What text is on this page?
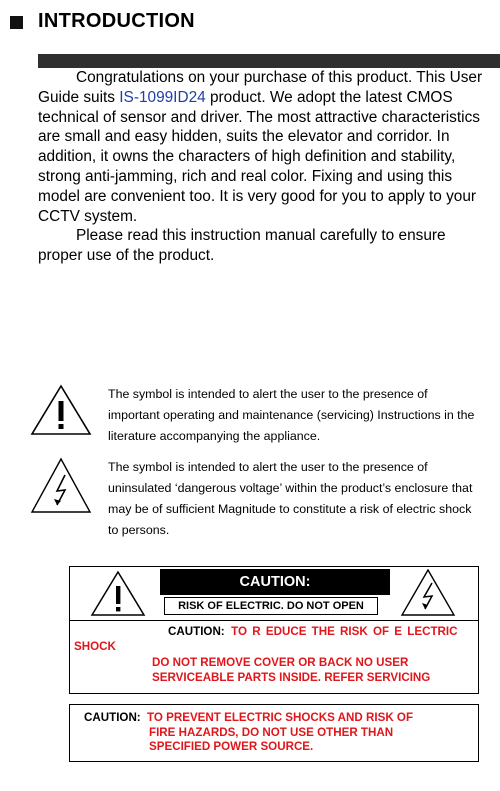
INTRODUCTION

Congratulations on your purchase of this product. This User Guide suits IS-1099ID24 product. We adopt the latest CMOS technical of sensor and driver. The most attractive characteristics are small and easy hidden, suits the elevator and corridor. In addition, it owns the characters of high definition and stability, strong anti-jamming, rich and real color. Fixing and using this model are convenient too. It is very good for you to apply to your CCTV system.

Please read this instruction manual carefully to ensure proper use of the product.

The symbol is intended to alert the user to the presence of important operating and maintenance (servicing) Instructions in the literature accompanying the appliance.
The symbol is intended to alert the user to the presence of uninsulated ‘dangerous voltage’ within the product’s enclosure that may be of sufficient Magnitude to constitute a risk of electric shock to persons.
CAUTION:
RISK OF ELECTRIC. DO NOT OPEN
CAUTION: TO R EDUCE THE RISK OF E LECTRIC
SHOCK
DO NOT REMOVE COVER OR BACK NO USER SERVICEABLE PARTS INSIDE. REFER SERVICING
CAUTION: TO PREVENT ELECTRIC SHOCKS AND RISK OF
FIRE HAZARDS, DO NOT USE OTHER THAN
SPECIFIED POWER SOURCE.
